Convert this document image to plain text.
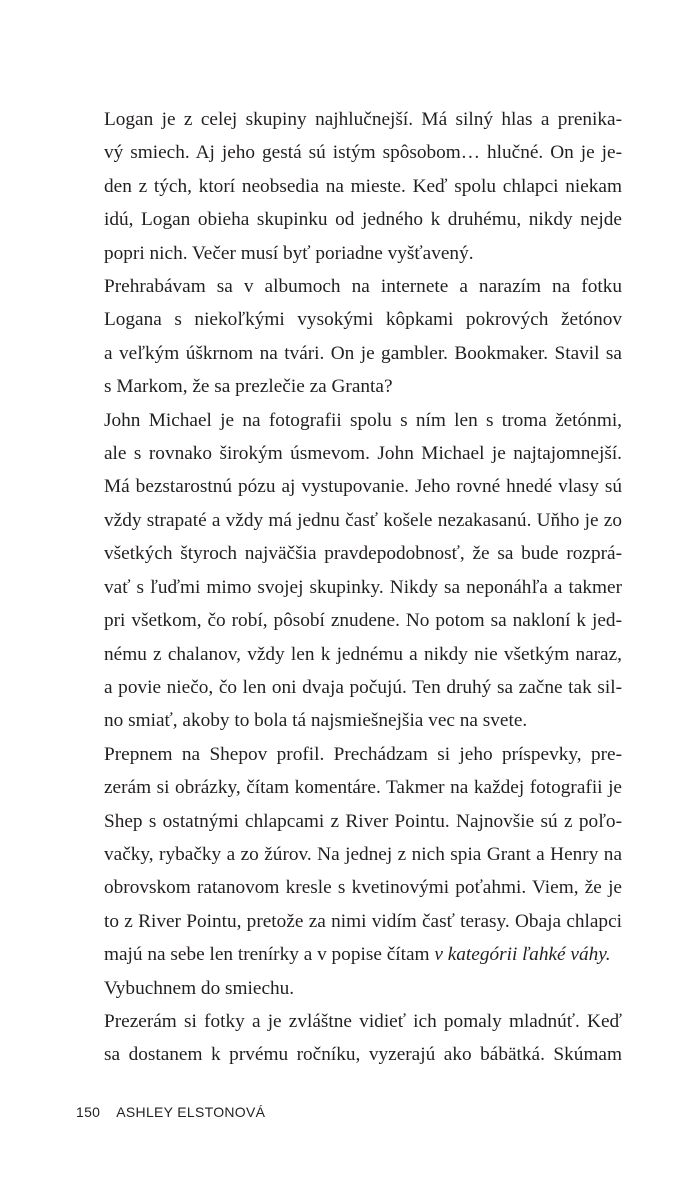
Logan je z celej skupiny najhlučnejší. Má silný hlas a prenika-
vý smiech. Aj jeho gestá sú istým spôsobom… hlučné. On je je-
den z tých, ktorí neobsedia na mieste. Keď spolu chlapci niekam
idú, Logan obieha skupinku od jedného k druhému, nikdy nejde
popri nich. Večer musí byť poriadne vyšťavený.
Prehrabávam sa v albumoch na internete a narazím na fotku
Logana s niekoľkými vysokými kôpkami pokrových žetónov
a veľkým úškrnom na tvári. On je gambler. Bookmaker. Stavil sa
s Markom, že sa prezlečie za Granta?
John Michael je na fotografii spolu s ním len s troma žetónmi,
ale s rovnako širokým úsmevom. John Michael je najtajomnejší.
Má bezstarostnú pózu aj vystupovanie. Jeho rovné hnedé vlasy sú
vždy strapaté a vždy má jednu časť košele nezakasanú. Uňho je zo
všetkých štyroch najväčšia pravdepodobnosť, že sa bude rozprá-
vať s ľuďmi mimo svojej skupinky. Nikdy sa neponáhľa a takmer
pri všetkom, čo robí, pôsobí znudene. No potom sa nakloní k jed-
nému z chalanov, vždy len k jednému a nikdy nie všetkým naraz,
a povie niečo, čo len oni dvaja počujú. Ten druhý sa začne tak sil-
no smiať, akoby to bola tá najsmiešnejšia vec na svete.
Prepnem na Shepov profil. Prechádzam si jeho príspevky, pre-
zerám si obrázky, čítam komentáre. Takmer na každej fotografii je
Shep s ostatnými chlapcami z River Pointu. Najnovšie sú z poľo-
vačky, rybačky a zo žúrov. Na jednej z nich spia Grant a Henry na
obrovskom ratanovom kresle s kvetinovými poťahmi. Viem, že je
to z River Pointu, pretože za nimi vidím časť terasy. Obaja chlapci
majú na sebe len trenírky a v popise čítam v kategórii ľahké váhy.
Vybuchnem do smiechu.
Prezerám si fotky a je zvláštne vidieť ich pomaly mladnúť. Keď
sa dostanem k prvému ročníku, vyzerajú ako bábätká. Skúmam
150 ASHLEY ELSTONOVÁ
